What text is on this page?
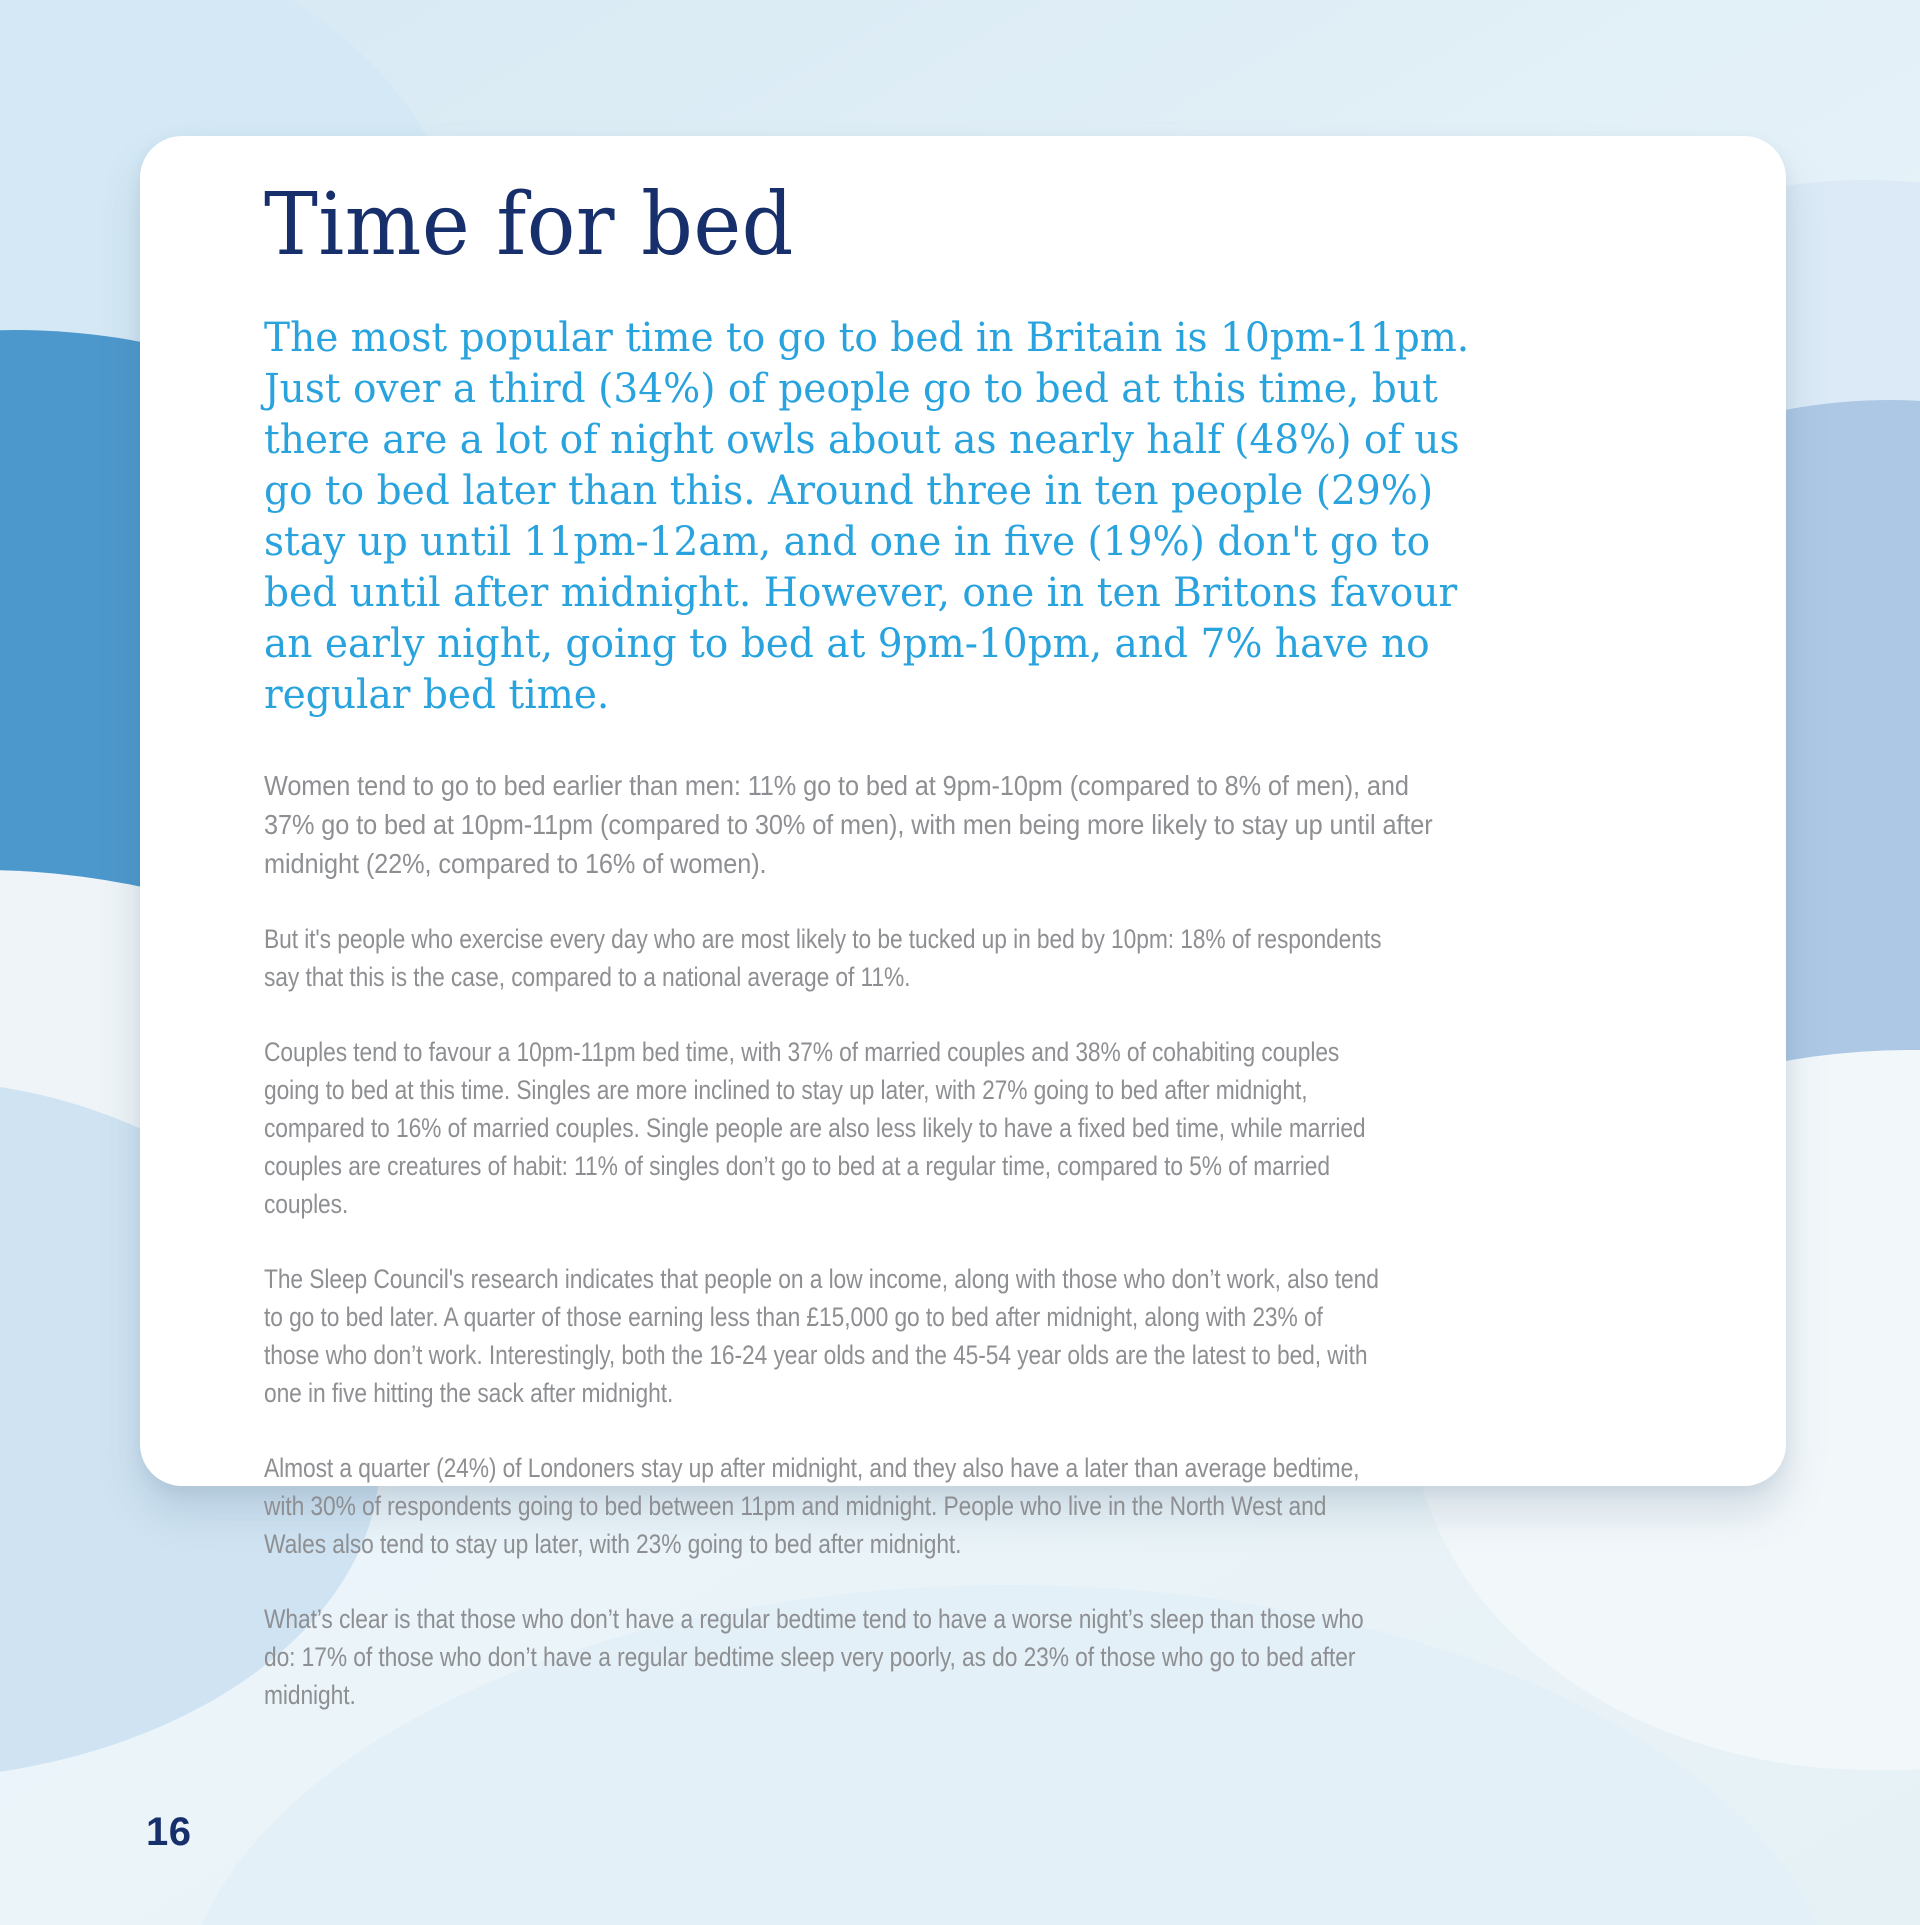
Time for bed

The most popular time to go to bed in Britain is 10pm-11pm. Just over a third (34%) of people go to bed at this time, but there are a lot of night owls about as nearly half (48%) of us go to bed later than this. Around three in ten people (29%) stay up until 11pm-12am, and one in five (19%) don't go to bed until after midnight. However, one in ten Britons favour an early night, going to bed at 9pm-10pm, and 7% have no regular bed time.

Women tend to go to bed earlier than men: 11% go to bed at 9pm-10pm (compared to 8% of men), and 37% go to bed at 10pm-11pm (compared to 30% of men), with men being more likely to stay up until after midnight (22%, compared to 16% of women).

But it's people who exercise every day who are most likely to be tucked up in bed by 10pm: 18% of respondents say that this is the case, compared to a national average of 11%.

Couples tend to favour a 10pm-11pm bed time, with 37% of married couples and 38% of cohabiting couples going to bed at this time. Singles are more inclined to stay up later, with 27% going to bed after midnight, compared to 16% of married couples. Single people are also less likely to have a fixed bed time, while married couples are creatures of habit: 11% of singles don’t go to bed at a regular time, compared to 5% of married couples.

The Sleep Council's research indicates that people on a low income, along with those who don’t work, also tend to go to bed later. A quarter of those earning less than £15,000 go to bed after midnight, along with 23% of those who don’t work. Interestingly, both the 16-24 year olds and the 45-54 year olds are the latest to bed, with one in five hitting the sack after midnight.

Almost a quarter (24%) of Londoners stay up after midnight, and they also have a later than average bedtime, with 30% of respondents going to bed between 11pm and midnight. People who live in the North West and Wales also tend to stay up later, with 23% going to bed after midnight.

What’s clear is that those who don’t have a regular bedtime tend to have a worse night’s sleep than those who do: 17% of those who don’t have a regular bedtime sleep very poorly, as do 23% of those who go to bed after midnight.

16
